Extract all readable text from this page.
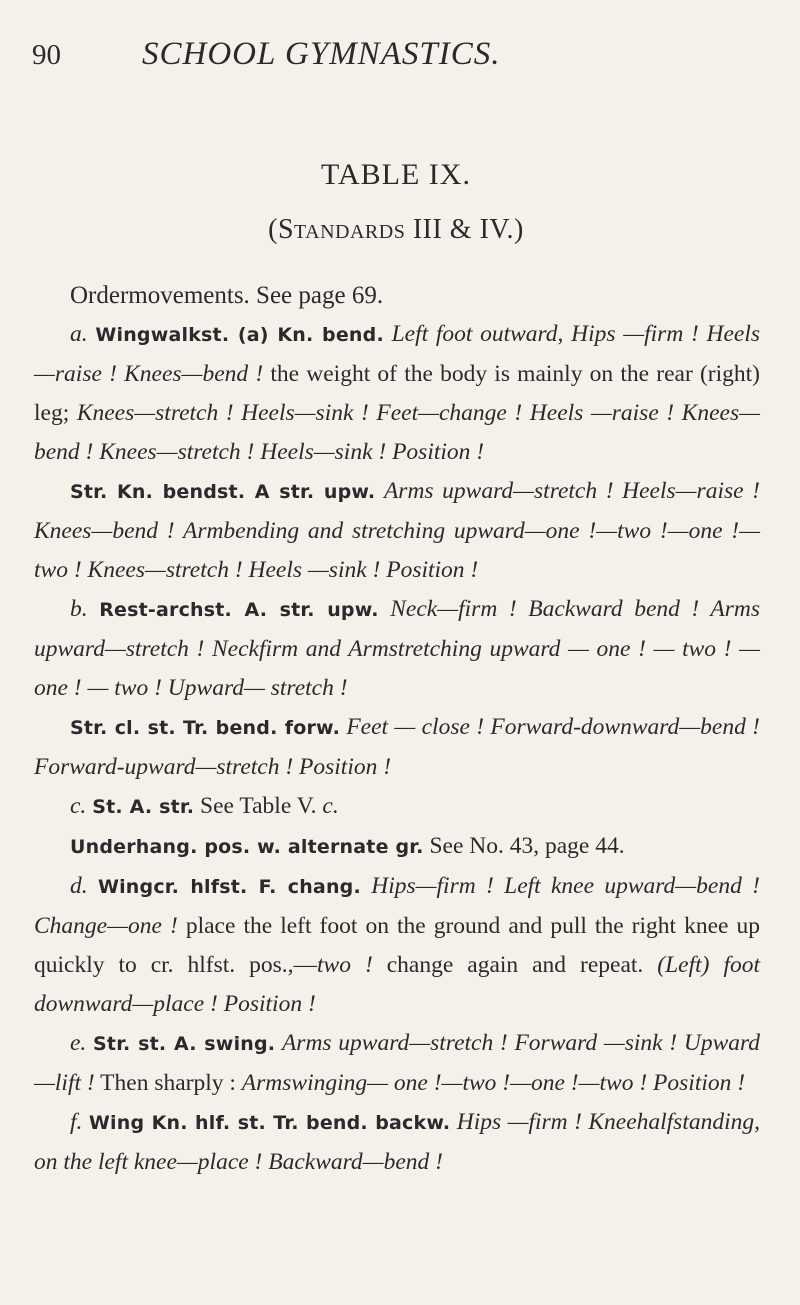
90	SCHOOL GYMNASTICS.
TABLE IX.
(Standards III & IV.)

Ordermovements. See page 69.

a. Wingwalkst. (a) Kn. bend. Left foot outward, Hips —firm ! Heels—raise ! Knees—bend ! the weight of the body is mainly on the rear (right) leg; Knees—stretch ! Heels—sink ! Feet—change ! Heels —raise ! Knees—bend ! Knees—stretch ! Heels—sink ! Position !

Str. Kn. bendst. A str. upw. Arms upward—stretch ! Heels—raise ! Knees—bend ! Armbending and stretching upward—one !—two !—one !—two ! Knees—stretch ! Heels —sink ! Position !

b. Rest-archst. A. str. upw. Neck—firm ! Backward bend ! Arms upward—stretch ! Neckfirm and Armstretching upward — one ! — two ! — one ! — two ! Upward— stretch !

Str. cl. st. Tr. bend. forw. Feet — close ! Forward-downward—bend ! Forward-upward—stretch ! Position !

c. St. A. str. See Table V. c.

Underhang. pos. w. alternate gr. See No. 43, page 44.

d. Wingcr. hlfst. F. chang. Hips—firm ! Left knee upward—bend ! Change—one ! place the left foot on the ground and pull the right knee up quickly to cr. hlfst. pos.,—two ! change again and repeat. (Left) foot downward—place ! Position !

e. Str. st. A. swing. Arms upward—stretch ! Forward —sink ! Upward—lift ! Then sharply : Armswinging— one !—two !—one !—two ! Position !

f. Wing Kn. hlf. st. Tr. bend. backw. Hips —firm ! Kneehalfstanding, on the left knee—place ! Backward—bend !
